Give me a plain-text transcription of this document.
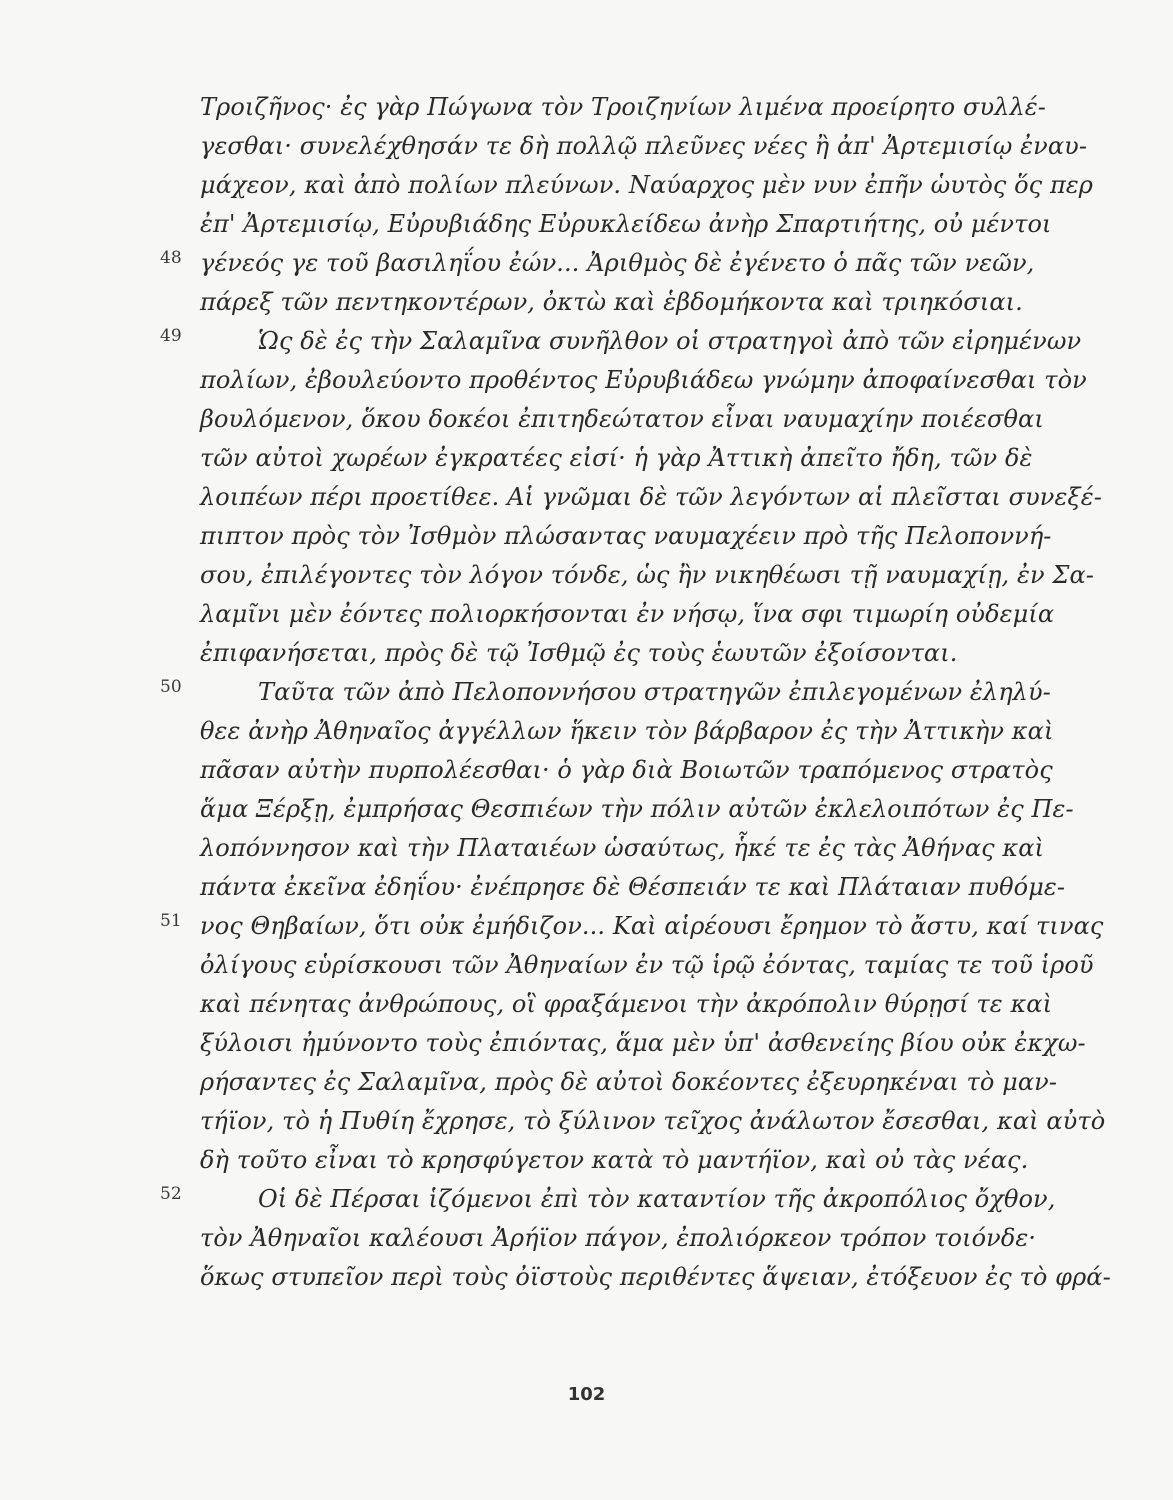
Τροιζῆνος· ἐς γὰρ Πώγωνα τὸν Τροιζηνίων λιμένα προείρητο συλλέ-
γεσθαι· συνελέχθησάν τε δὴ πολλῷ πλεῦνες νέες ἢ ἀπ' Ἀρτεμισίῳ ἐναυ-
μάχεον, καὶ ἀπὸ πολίων πλεύνων. Ναύαρχος μὲν νυν ἐπῆν ὡυτὸς ὅς περ
ἐπ' Ἀρτεμισίῳ, Εὐρυβιάδης Εὐρυκλείδεω ἀνὴρ Σπαρτιήτης, οὐ μέντοι
γένεός γε τοῦ βασιληΐου ἐών... Ἀριθμὸς δὲ ἐγένετο ὁ πᾶς τῶν νεῶν,
πάρεξ τῶν πεντηκοντέρων, ὀκτὼ καὶ ἑβδομήκοντα καὶ τριηκόσιαι.
Ὡς δὲ ἐς τὴν Σαλαμῖνα συνῆλθον οἱ στρατηγοὶ ἀπὸ τῶν εἰρημένων
πολίων, ἐβουλεύοντο προθέντος Εὐρυβιάδεω γνώμην ἀποφαίνεσθαι τὸν
βουλόμενον, ὅκου δοκέοι ἐπιτηδεώτατον εἶναι ναυμαχίην ποιέεσθαι
τῶν αὐτοὶ χωρέων ἐγκρατέες εἰσί· ἡ γὰρ Ἀττικὴ ἀπεῖτο ἤδη, τῶν δὲ
λοιπέων πέρι προετίθεε. Αἱ γνῶμαι δὲ τῶν λεγόντων αἱ πλεῖσται συνεξέ-
πιπτον πρὸς τὸν Ἰσθμὸν πλώσαντας ναυμαχέειν πρὸ τῆς Πελοποννή-
σου, ἐπιλέγοντες τὸν λόγον τόνδε, ὡς ἢν νικηθέωσι τῇ ναυμαχίῃ, ἐν Σα-
λαμῖνι μὲν ἐόντες πολιορκήσονται ἐν νήσῳ, ἵνα σφι τιμωρίη οὐδεμία
ἐπιφανήσεται, πρὸς δὲ τῷ Ἰσθμῷ ἐς τοὺς ἑωυτῶν ἐξοίσονται.
Ταῦτα τῶν ἀπὸ Πελοποννήσου στρατηγῶν ἐπιλεγομένων ἐληλύ-
θεε ἀνὴρ Ἀθηναῖος ἀγγέλλων ἥκειν τὸν βάρβαρον ἐς τὴν Ἀττικὴν καὶ
πᾶσαν αὐτὴν πυρπολέεσθαι· ὁ γὰρ διὰ Βοιωτῶν τραπόμενος στρατὸς
ἅμα Ξέρξῃ, ἐμπρήσας Θεσπιέων τὴν πόλιν αὐτῶν ἐκλελοιπότων ἐς Πε-
λοπόννησον καὶ τὴν Πλαταιέων ὡσαύτως, ἧκέ τε ἐς τὰς Ἀθήνας καὶ
πάντα ἐκεῖνα ἐδηΐου· ἐνέπρησε δὲ Θέσπειάν τε καὶ Πλάταιαν πυθόμε-
νος Θηβαίων, ὅτι οὐκ ἐμήδιζον... Καὶ αἱρέουσι ἔρημον τὸ ἄστυ, καί τινας
ὀλίγους εὑρίσκουσι τῶν Ἀθηναίων ἐν τῷ ἱρῷ ἐόντας, ταμίας τε τοῦ ἱροῦ
καὶ πένητας ἀνθρώπους, οἳ φραξάμενοι τὴν ἀκρόπολιν θύρῃσί τε καὶ
ξύλοισι ἠμύνοντο τοὺς ἐπιόντας, ἅμα μὲν ὑπ' ἀσθενείης βίου οὐκ ἐκχω-
ρήσαντες ἐς Σαλαμῖνα, πρὸς δὲ αὐτοὶ δοκέοντες ἐξευρηκέναι τὸ μαν-
τήϊον, τὸ ἡ Πυθίη ἔχρησε, τὸ ξύλινον τεῖχος ἀνάλωτον ἔσεσθαι, καὶ αὐτὸ
δὴ τοῦτο εἶναι τὸ κρησφύγετον κατὰ τὸ μαντήϊον, καὶ οὐ τὰς νέας.
Οἱ δὲ Πέρσαι ἱζόμενοι ἐπὶ τὸν καταντίον τῆς ἀκροπόλιος ὄχθον,
τὸν Ἀθηναῖοι καλέουσι Ἀρήϊον πάγον, ἐπολιόρκεον τρόπον τοιόνδε·
ὅκως στυπεῖον περὶ τοὺς ὀϊστοὺς περιθέντες ἅψειαν, ἐτόξευον ἐς τὸ φρά-
48
49
50
51
52
102
